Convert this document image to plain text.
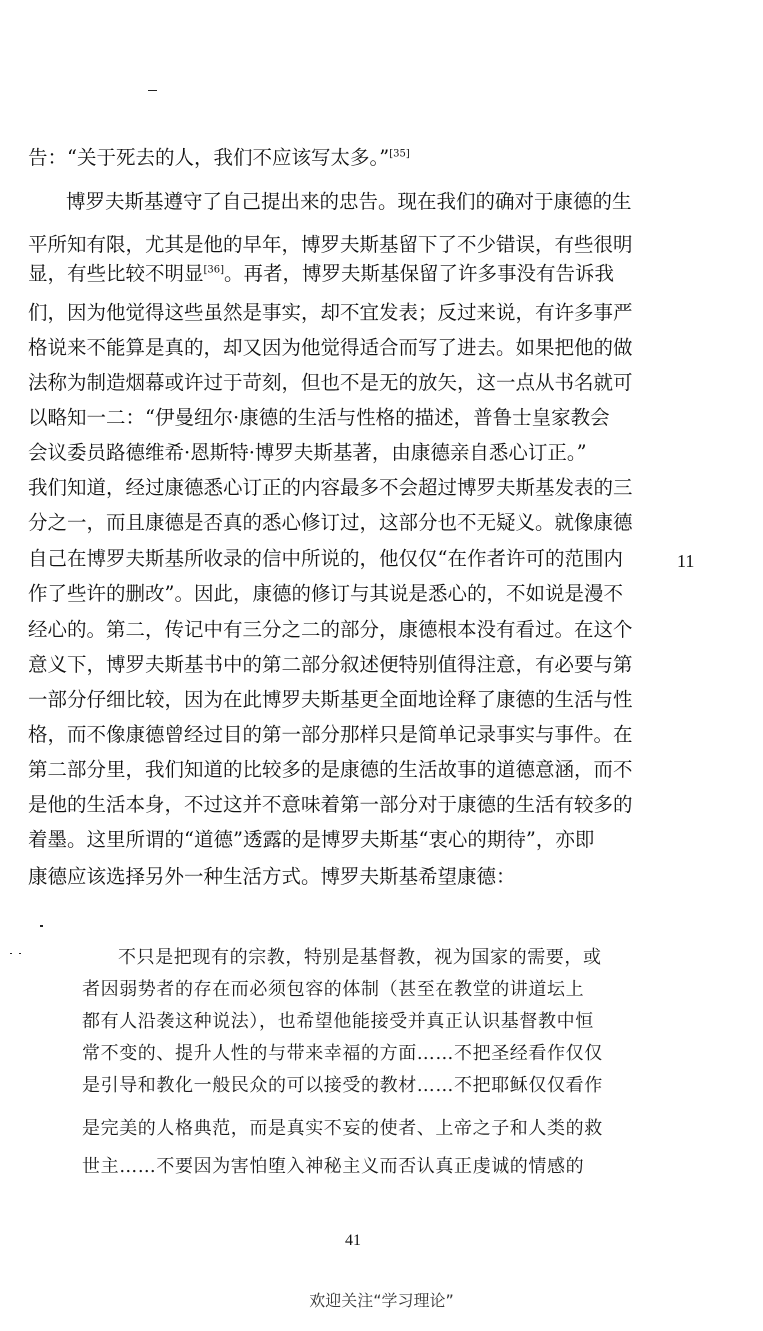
告：“关于死去的人，我们不应该写太多。”[35]
博罗夫斯基遵守了自己提出来的忠告。现在我们的确对于康德的生
平所知有限，尤其是他的早年，博罗夫斯基留下了不少错误，有些很明
显，有些比较不明显[36]。再者，博罗夫斯基保留了许多事没有告诉我
们，因为他觉得这些虽然是事实，却不宜发表；反过来说，有许多事严
格说来不能算是真的，却又因为他觉得适合而写了进去。如果把他的做
法称为制造烟幕或许过于苛刻，但也不是无的放矢，这一点从书名就可
以略知一二：“伊曼纽尔·康德的生活与性格的描述，普鲁士皇家教会
会议委员路德维希·恩斯特·博罗夫斯基著，由康德亲自悉心订正。”
我们知道，经过康德悉心订正的内容最多不会超过博罗夫斯基发表的三
分之一，而且康德是否真的悉心修订过，这部分也不无疑义。就像康德
自己在博罗夫斯基所收录的信中所说的，他仅仅“在作者许可的范围内
作了些许的删改”。因此，康德的修订与其说是悉心的，不如说是漫不
经心的。第二，传记中有三分之二的部分，康德根本没有看过。在这个
意义下，博罗夫斯基书中的第二部分叙述便特别值得注意，有必要与第
一部分仔细比较，因为在此博罗夫斯基更全面地诠释了康德的生活与性
格，而不像康德曾经过目的第一部分那样只是简单记录事实与事件。在
第二部分里，我们知道的比较多的是康德的生活故事的道德意涵，而不
是他的生活本身，不过这并不意味着第一部分对于康德的生活有较多的
着墨。这里所谓的“道德”透露的是博罗夫斯基“衷心的期待”，亦即
康德应该选择另外一种生活方式。博罗夫斯基希望康德：
11
不只是把现有的宗教，特别是基督教，视为国家的需要，或
者因弱势者的存在而必须包容的体制（甚至在教堂的讲道坛上
都有人沿袭这种说法），也希望他能接受并真正认识基督教中恒
常不变的、提升人性的与带来幸福的方面……不把圣经看作仅仅
是引导和教化一般民众的可以接受的教材……不把耶稣仅仅看作
是完美的人格典范，而是真实不妄的使者、上帝之子和人类的救
世主……不要因为害怕堕入神秘主义而否认真正虔诚的情感的
41
欢迎关注“学习理论”
